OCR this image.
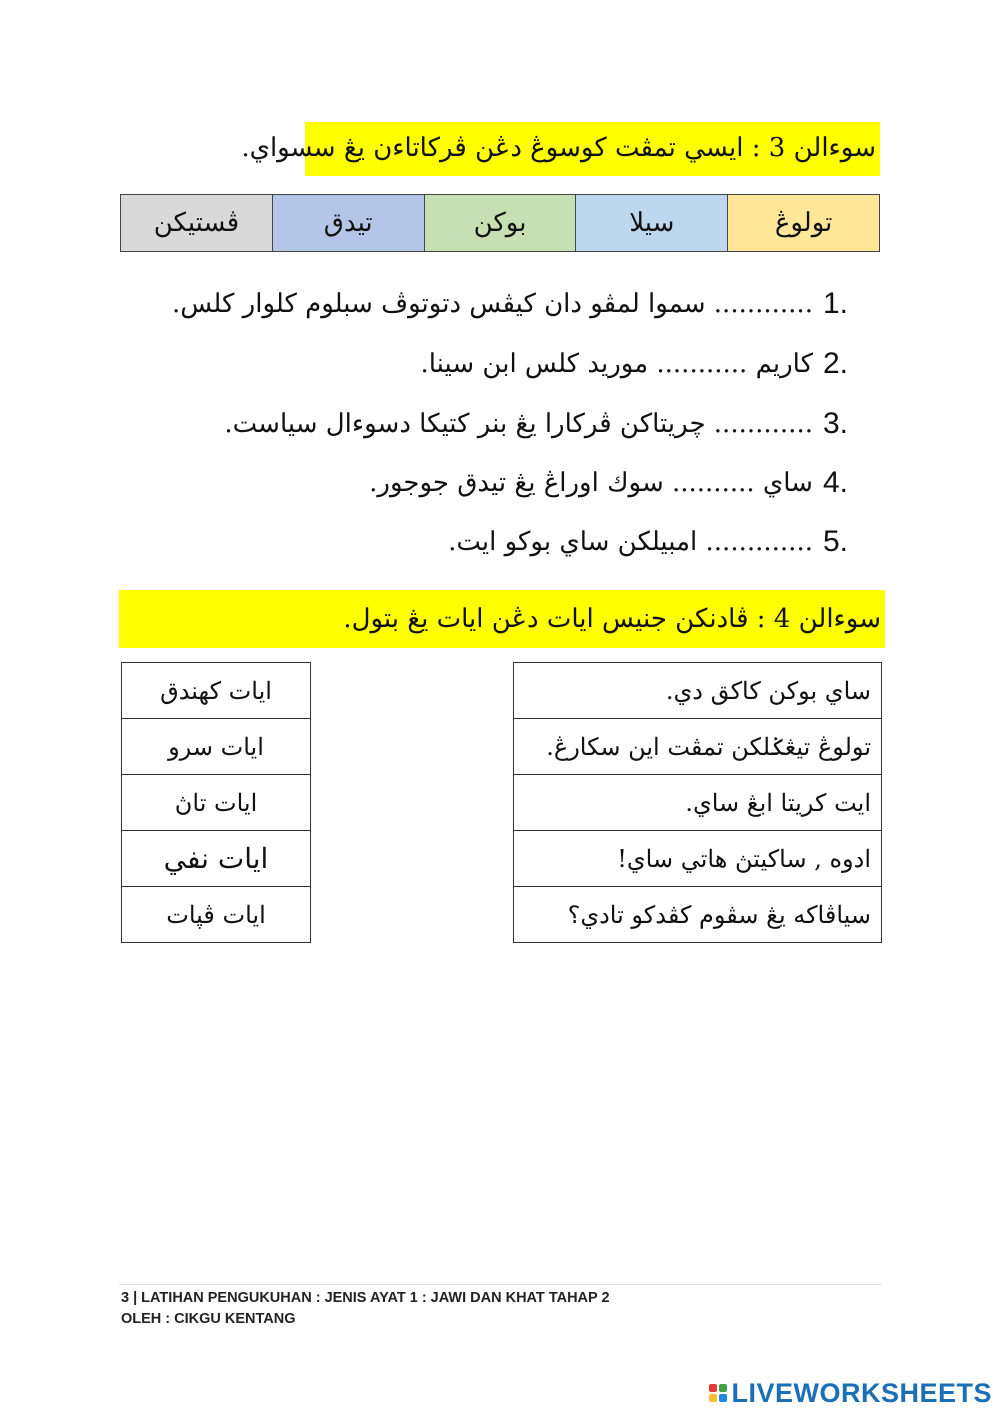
سوءالن 3 : ايسي تمڤت كوسوڠ دڠن ڤركاتاءن يڠ سسواي.
تولوڠ
سيلا
بوكن
تيدق
ڤستيكن
1.
............ سموا لمڤو دان كيڤس دتوتوڤ سبلوم كلوار كلس.
2.
كاريم ........... موريد كلس ابن سينا.
3.
............ چريتاكن ڤركارا يڠ بنر كتيكا دسوءال سياست.
4.
ساي .......... سوك اوراڠ يڠ تيدق جوجور.
5.
............. امبيلكن ساي بوكو ايت.
سوءالن 4 : ڤادنكن جنيس ايات دڠن ايات يڠ بتول.
ايات كهندق
ايات سرو
ايات تاڽ
ايات نفي
ايات ڤڽات
ساي بوكن كاكق دي.
تولوڠ تيڠݢلكن تمڤت اين سكارڠ.
ايت كريتا ابڠ ساي.
ادوه , ساكيتڽ هاتي ساي!
سياڤاكه يڠ سڤوم كڤدكو تادي؟
3 | LATIHAN PENGUKUHAN : JENIS AYAT 1 : JAWI DAN KHAT TAHAP 2
OLEH : CIKGU KENTANG
LIVEWORKSHEETS
